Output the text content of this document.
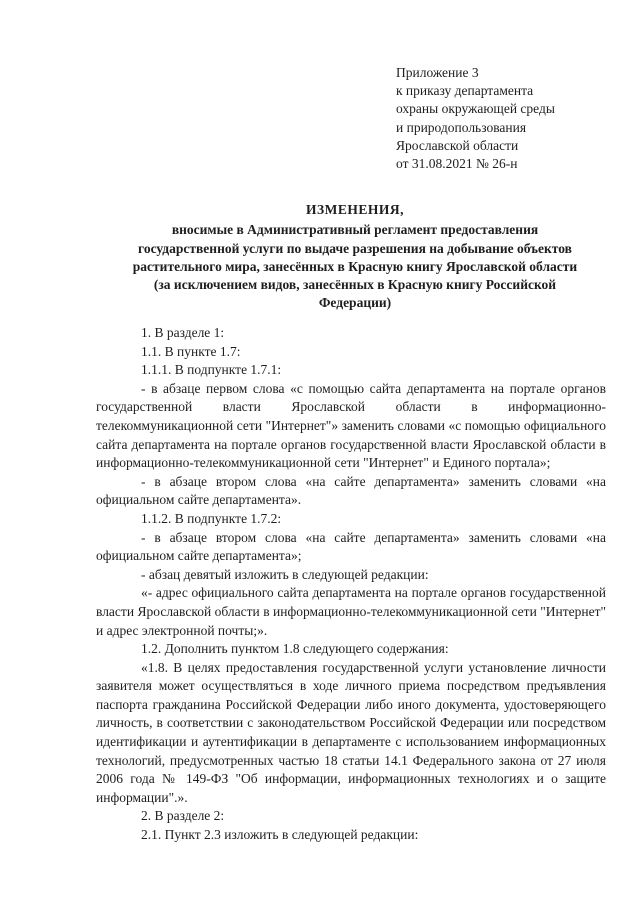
Приложение 3
к приказу департамента
охраны окружающей среды
и природопользования
Ярославской области
от 31.08.2021 № 26-н
ИЗМЕНЕНИЯ,
вносимые в Административный регламент предоставления
государственной услуги по выдаче разрешения на добывание объектов
растительного мира, занесённых в Красную книгу Ярославской области
(за исключением видов, занесённых в Красную книгу Российской
Федерации)

1. В разделе 1:

1.1. В пункте 1.7:

1.1.1. В подпункте 1.7.1:

- в абзаце первом слова «с помощью сайта департамента на портале органов государственной власти Ярославской области в информационно-телекоммуникационной сети "Интернет"» заменить словами «с помощью официального сайта департамента на портале органов государственной власти Ярославской области в информационно-телекоммуникационной сети "Интернет" и Единого портала»;

- в абзаце втором слова «на сайте департамента» заменить словами «на официальном сайте департамента».

1.1.2. В подпункте 1.7.2:

- в абзаце втором слова «на сайте департамента» заменить словами «на официальном сайте департамента»;

- абзац девятый изложить в следующей редакции:

«- адрес официального сайта департамента на портале органов государственной власти Ярославской области в информационно-телекоммуникационной сети "Интернет" и адрес электронной почты;».

1.2. Дополнить пунктом 1.8 следующего содержания:

«1.8. В целях предоставления государственной услуги установление личности заявителя может осуществляться в ходе личного приема посредством предъявления паспорта гражданина Российской Федерации либо иного документа, удостоверяющего личность, в соответствии с законодательством Российской Федерации или посредством идентификации и аутентификации в департаменте с использованием информационных технологий, предусмотренных частью 18 статьи 14.1 Федерального закона от 27 июля 2006 года № 149-ФЗ "Об информации, информационных технологиях и о защите информации".».

2. В разделе 2:

2.1. Пункт 2.3 изложить в следующей редакции:
